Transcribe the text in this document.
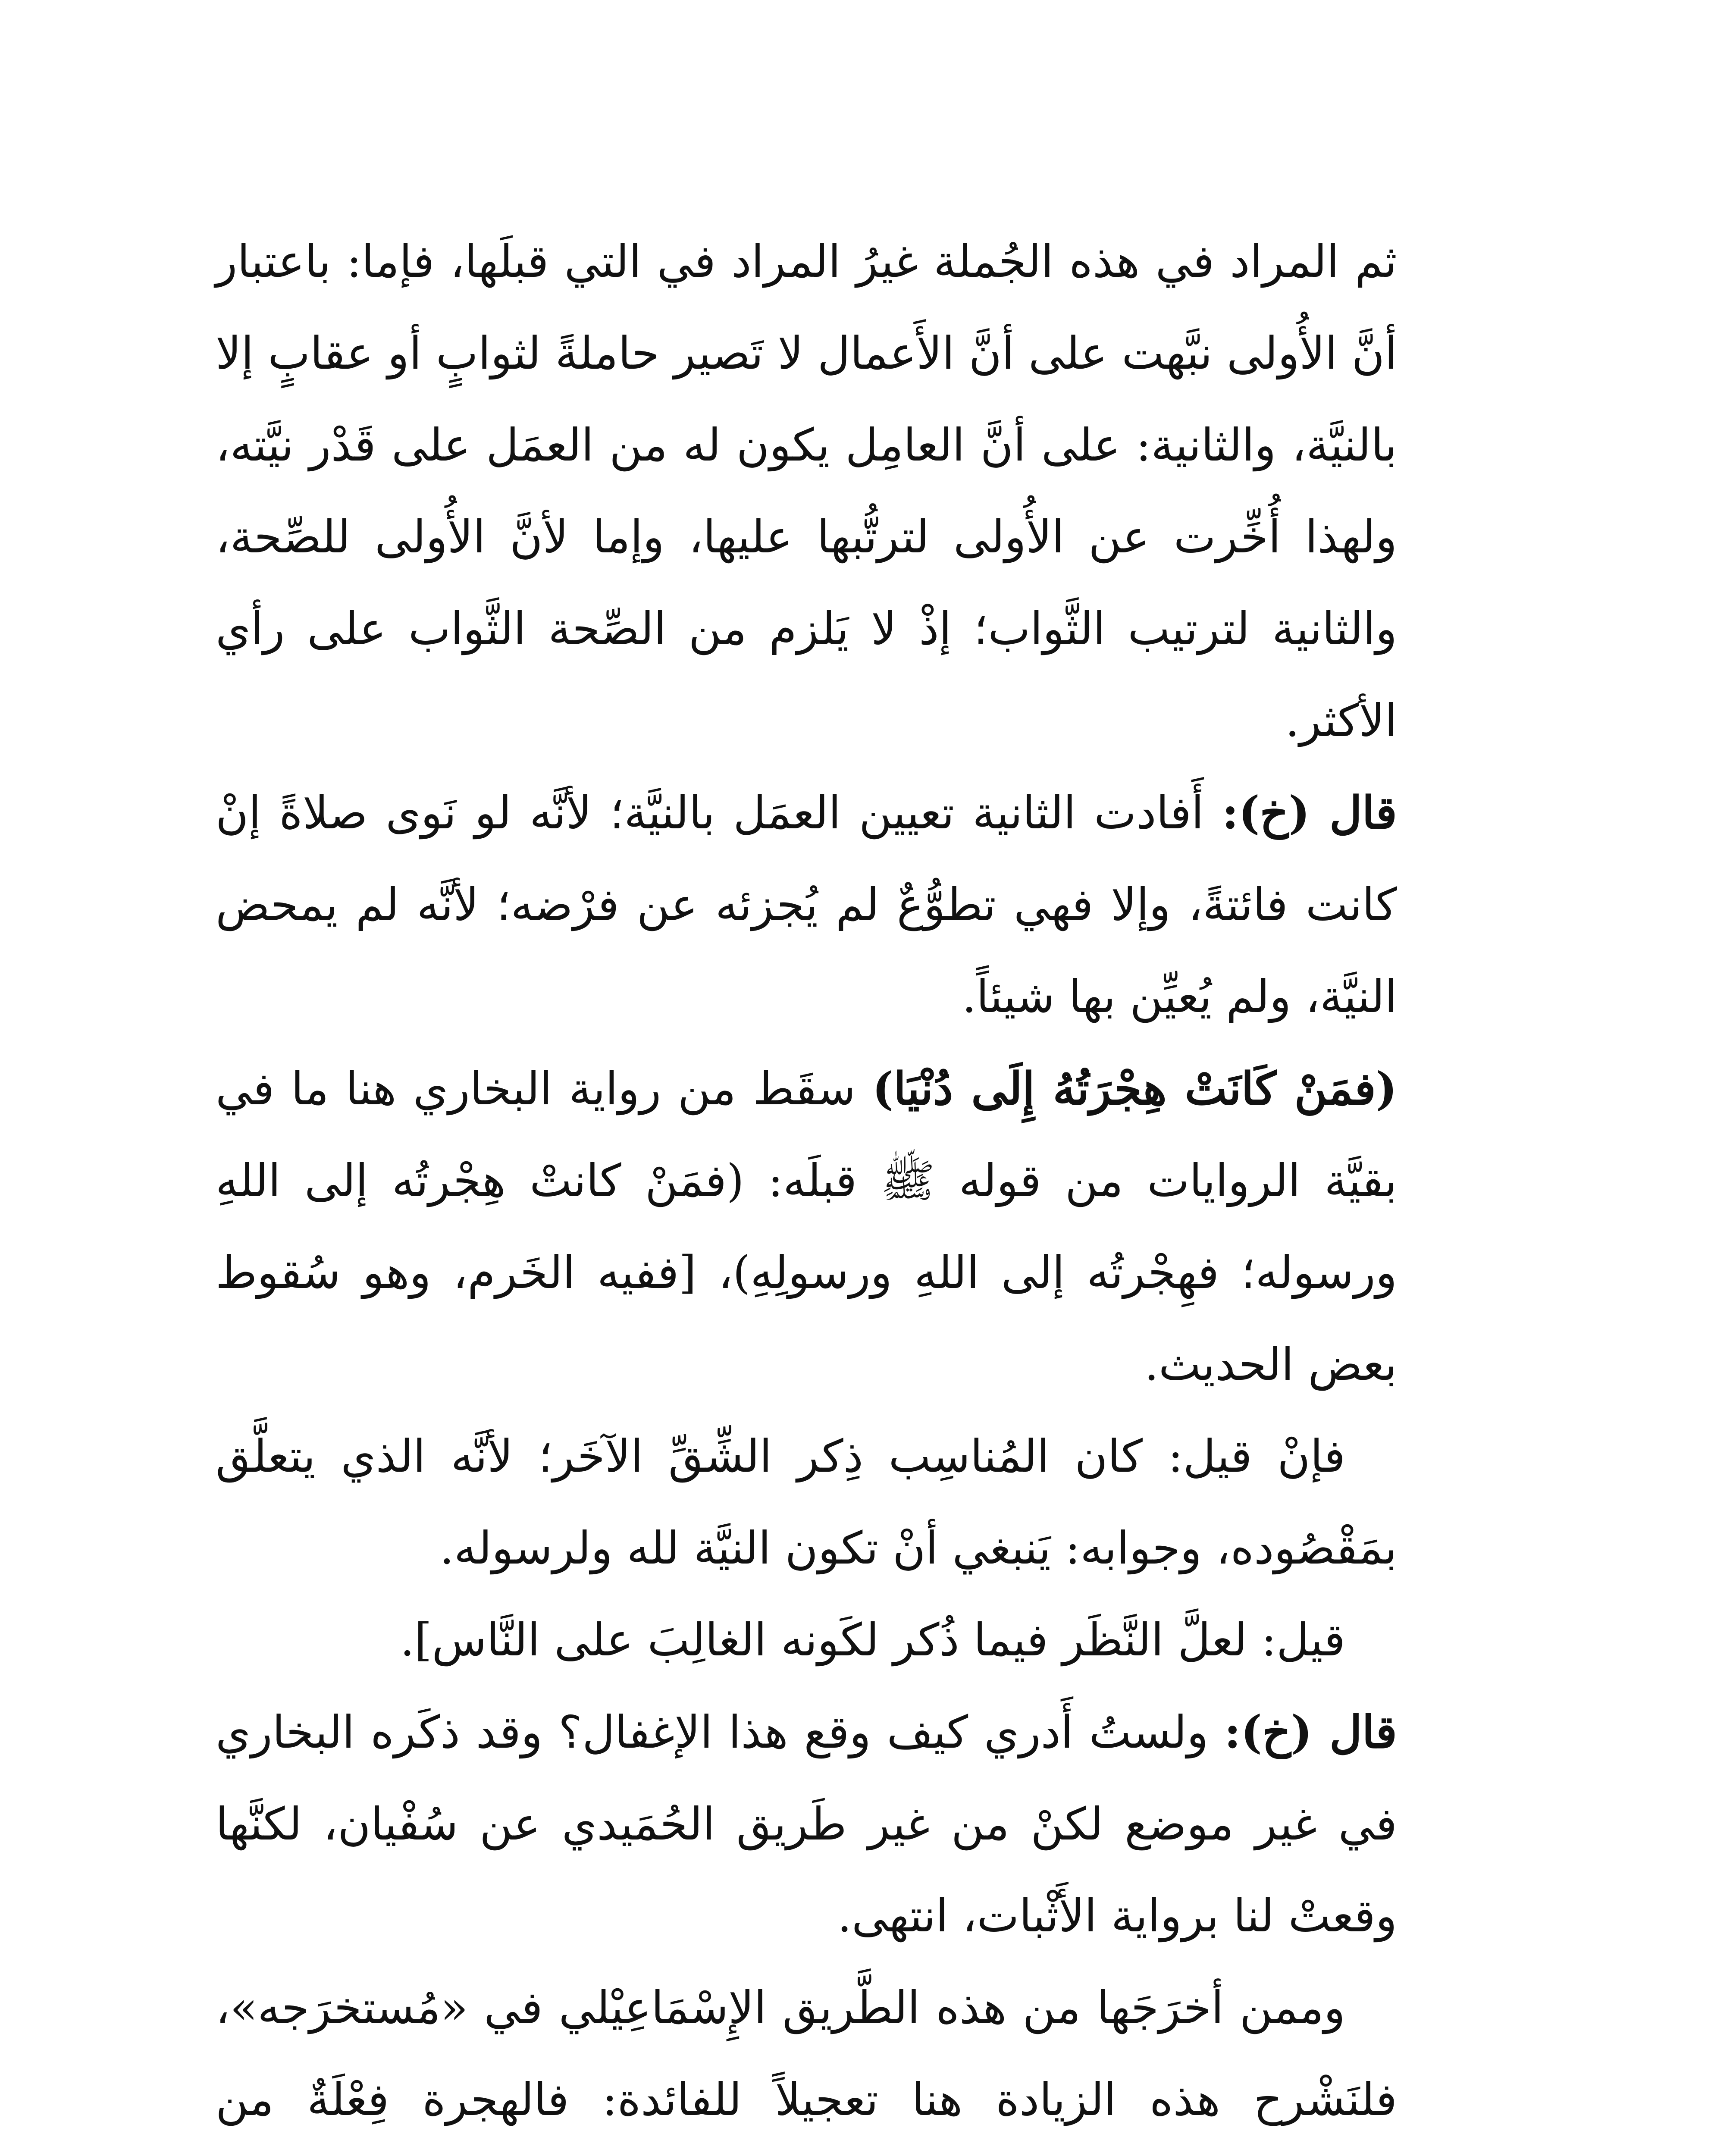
ثم المراد في هذه الجُملة غيرُ المراد في التي قبلَها، فإما: باعتبار أنَّ الأُولى نبَّهت على أنَّ الأَعمال لا تَصير حاملةً لثوابٍ أو عقابٍ إلا بالنيَّة، والثانية: على أنَّ العامِل يكون له من العمَل على قَدْر نيَّته، ولهذا أُخِّرت عن الأُولى لترتُّبها عليها، وإما لأنَّ الأُولى للصِّحة، والثانية لترتيب الثَّواب؛ إذْ لا يَلزم من الصِّحة الثَّواب على رأي الأكثر.

قال (خ): أَفادت الثانية تعيين العمَل بالنيَّة؛ لأنَّه لو نَوى صلاةً إنْ كانت فائتةً، وإلا فهي تطوُّعٌ لم يُجزئه عن فرْضه؛ لأنَّه لم يمحض النيَّة، ولم يُعيِّن بها شيئاً.

(فمَنْ كَانَتْ هِجْرَتُهُ إِلَى دُنْيَا) سقَط من رواية البخاري هنا ما في بقيَّة الروايات من قوله ﷺ قبلَه: (فمَنْ كانتْ هِجْرتُه إلى اللهِ ورسوله؛ فهِجْرتُه إلى اللهِ ورسولِهِ)، [ففيه الخَرم، وهو سُقوط بعض الحديث.

فإنْ قيل: كان المُناسِب ذِكر الشِّقِّ الآخَر؛ لأنَّه الذي يتعلَّق بمَقْصُوده، وجوابه: يَنبغي أنْ تكون النيَّة لله ولرسوله.

قيل: لعلَّ النَّظَر فيما ذُكر لكَونه الغالِبَ على النَّاس].

قال (خ): ولستُ أَدري كيف وقع هذا الإغفال؟ وقد ذكَره البخاري في غير موضع لكنْ من غير طَريق الحُمَيدي عن سُفْيان، لكنَّها وقعتْ لنا برواية الأَثْبات، انتهى.

وممن أخرَجَها من هذه الطَّريق الإِسْمَاعِيْلي في «مُستخرَجه»، فلنَشْرح هذه الزيادة هنا تعجيلاً للفائدة: فالهجرة فِعْلَةٌ من
